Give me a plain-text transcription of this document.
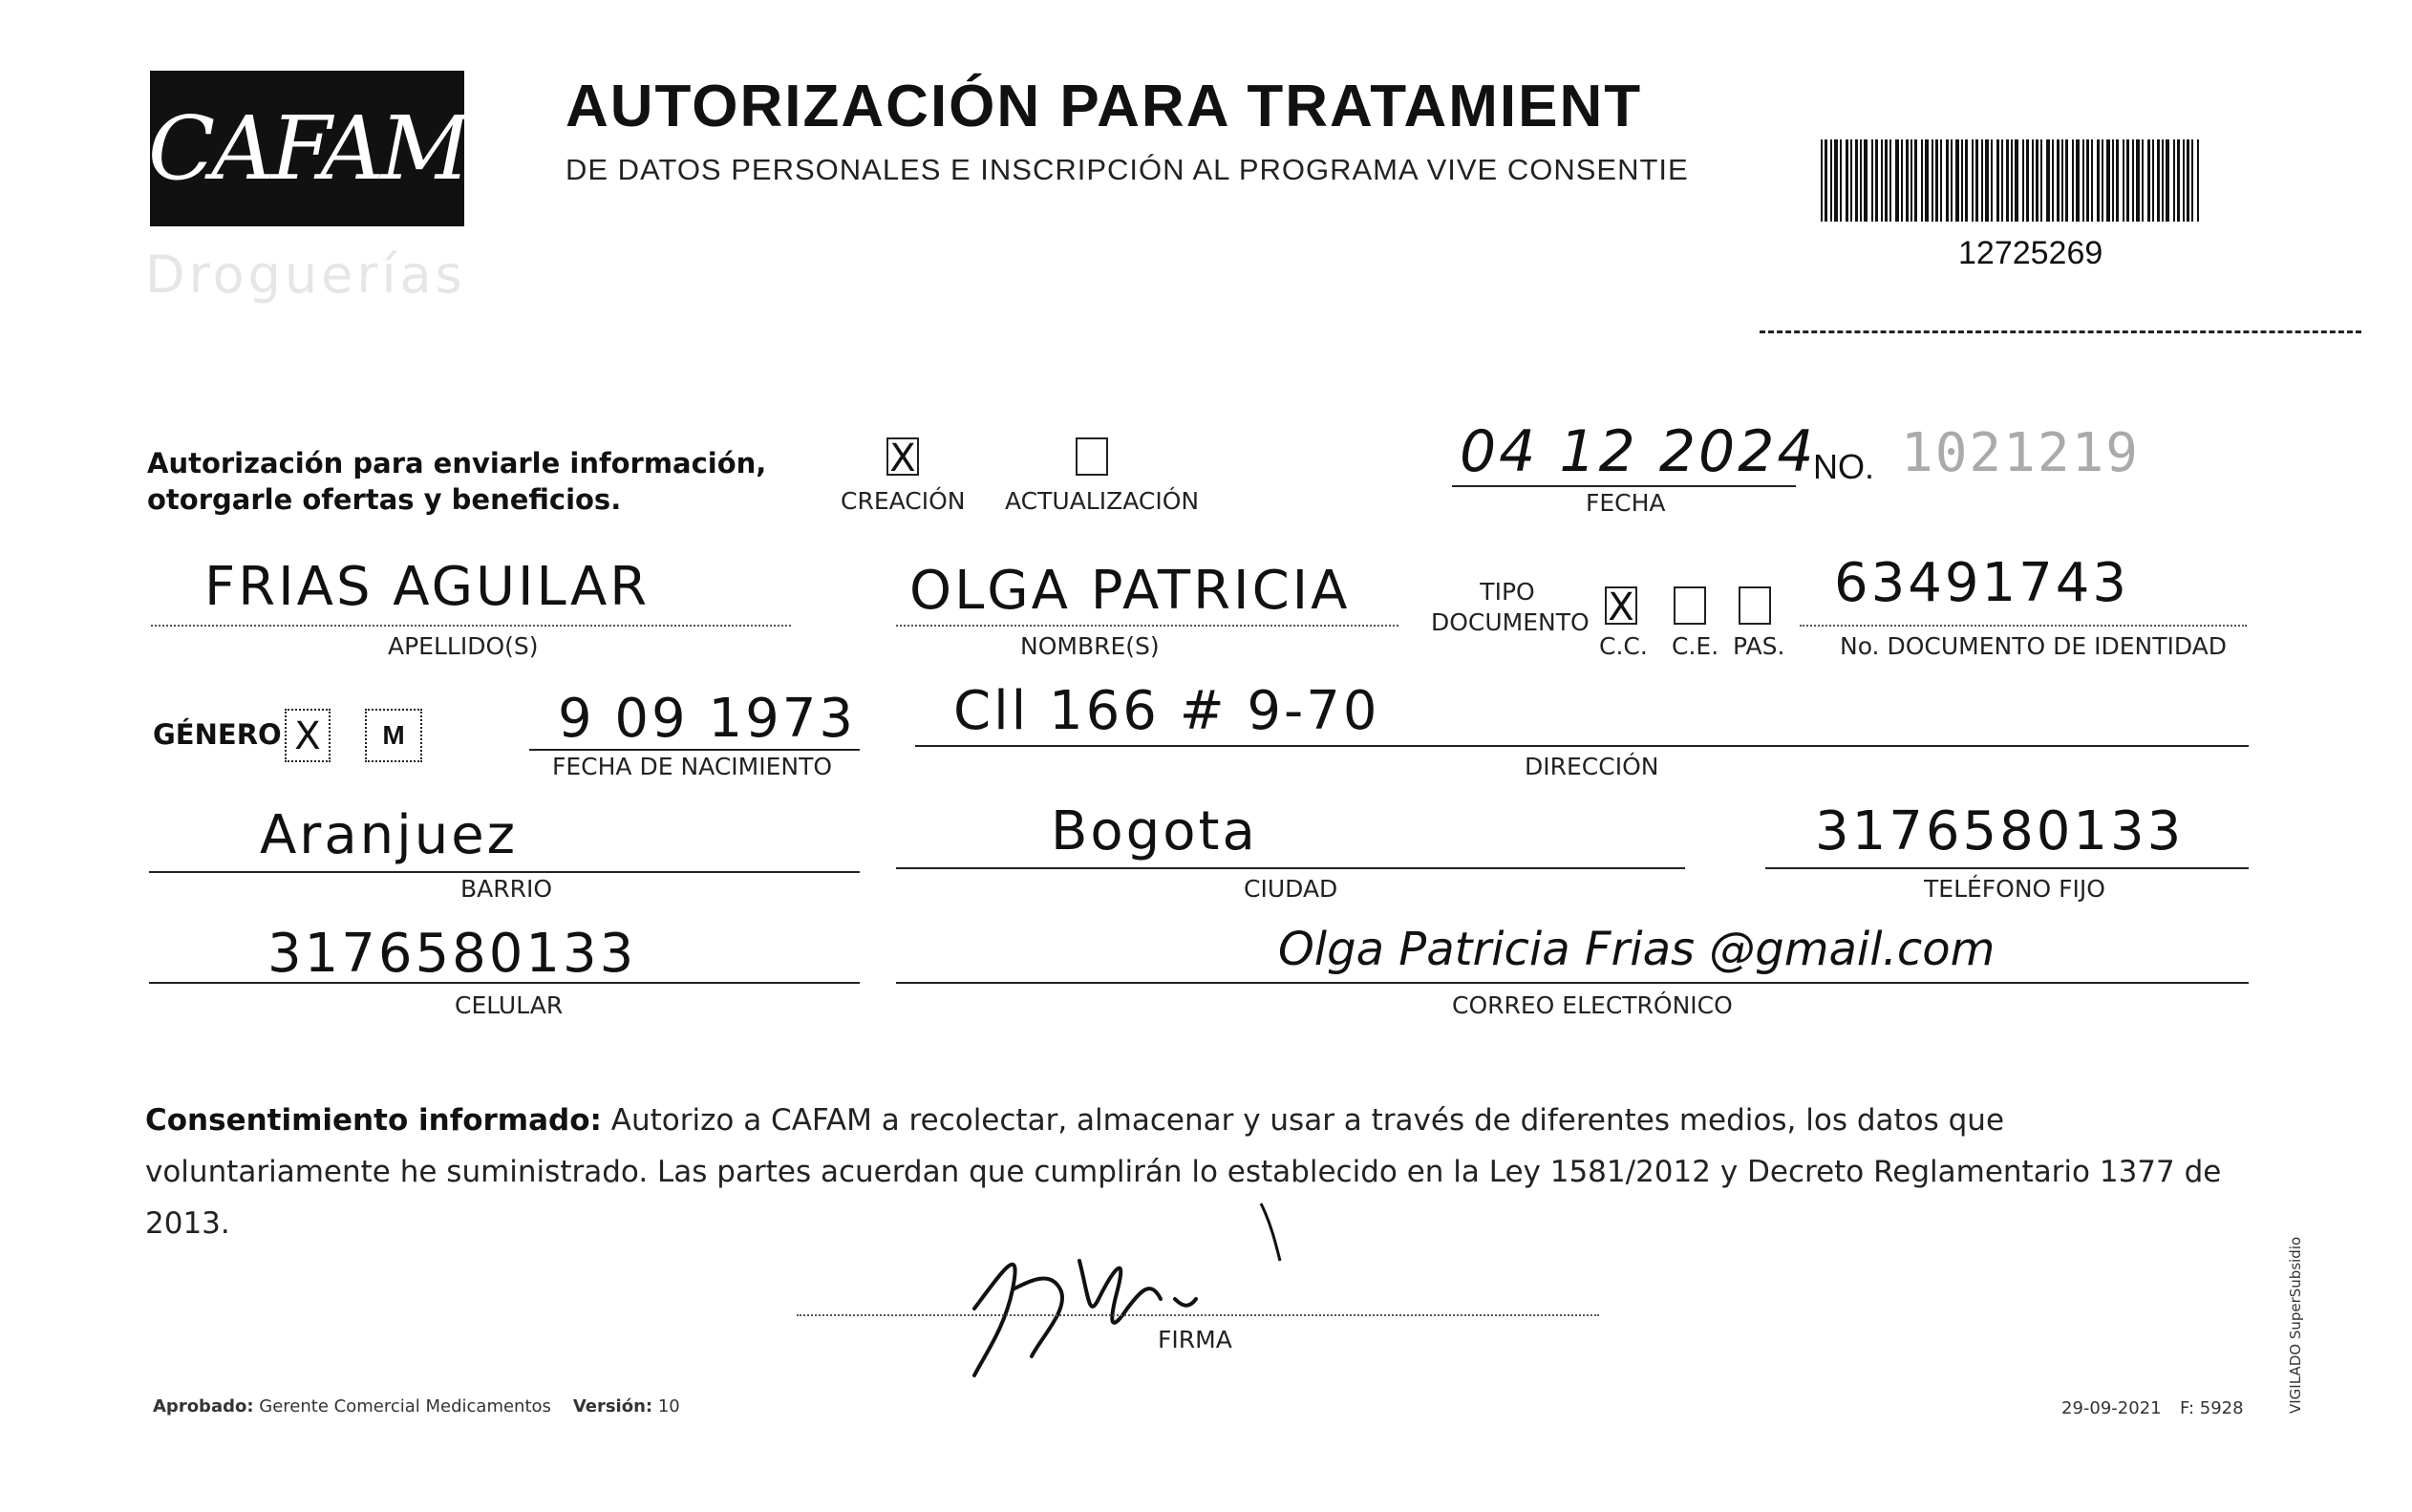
CAFAM
Droguerías
AUTORIZACIÓN PARA TRATAMIENT
DE DATOS PERSONALES E INSCRIPCIÓN AL PROGRAMA VIVE CONSENTIE
12725269
Autorización para enviarle información,
otorgarle ofertas y beneficios.
X
CREACIÓN ACTUALIZACIÓN
04 12 2024
FECHA
NO. 1021219
FRIAS AGUILAR
APELLIDO(S)
OLGA PATRICIA
NOMBRE(S)
TIPO
DOCUMENTO X
C.C. C.E. PAS.
63491743
No. DOCUMENTO DE IDENTIDAD
GÉNERO X	M	9 09 1973
FECHA DE NACIMIENTO
Cll 166 # 9-70
DIRECCIÓN
Aranjuez
BARRIO
Bogota
CIUDAD
3176580133
TELÉFONO FIJO
3176580133
CELULAR
Olga Patricia Frias @gmail.com
CORREO ELECTRÓNICO
Consentimiento informado: Autorizo a CAFAM a recolectar, almacenar y usar a través de diferentes medios, los datos que voluntariamente he suministrado. Las partes acuerdan que cumplirán lo establecido en la Ley 1581/2012 y Decreto Reglamentario 1377 de 2013.
FIRMA
Aprobado: Gerente Comercial Medicamentos Versión: 10	29-09-2021 F: 5928	VIGILADO SuperSubsidio
